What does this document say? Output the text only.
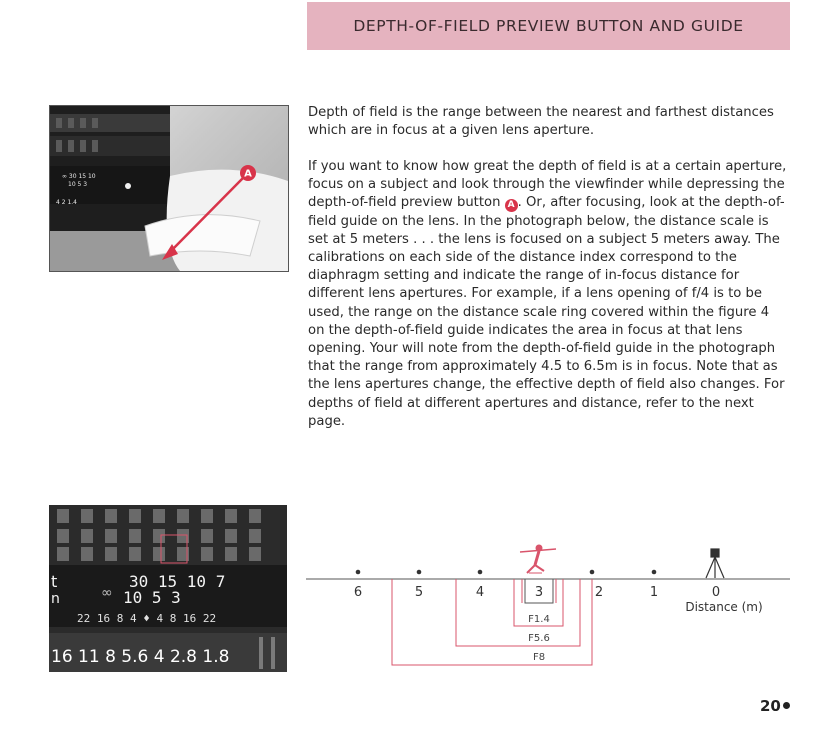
DEPTH-OF-FIELD PREVIEW BUTTON AND GUIDE
∞ 30 15 10
10 5 3
4 2 1.4
A

Depth of field is the range between the nearest and farthest distances which are in focus at a given lens aperture.

If you want to know how great the depth of field is at a certain aperture, focus on a subject and look through the viewfinder while depressing the depth-of-field preview button A . Or, after focusing, look at the depth-of-field guide on the lens. In the photograph below, the distance scale is set at 5 meters . . . the lens is focused on a subject 5 meters away. The calibrations on each side of the distance index correspond to the diaphragm setting and indicate the range of in-focus distance for different lens apertures. For example, if a lens opening of f/4 is to be used, the range on the distance scale ring covered within the figure 4 on the depth-of-field guide indicates the area in focus at that lens opening. Your will note from the depth-of-field guide in the photograph that the range from approximately 4.5 to 6.5m is in focus. Note that as the lens apertures change, the effective depth of field also changes. For depths of field at different apertures and distance, refer to the next page.

t
n	∞
30 15 10 7
10 5 3
22 16 8 4 ♦ 4 8 16 22
16 11 8 5.6 4 2.8 1.8
6	5	4	3	2	1	0
Distance (m)
F1.4
F5.6
F8
20
